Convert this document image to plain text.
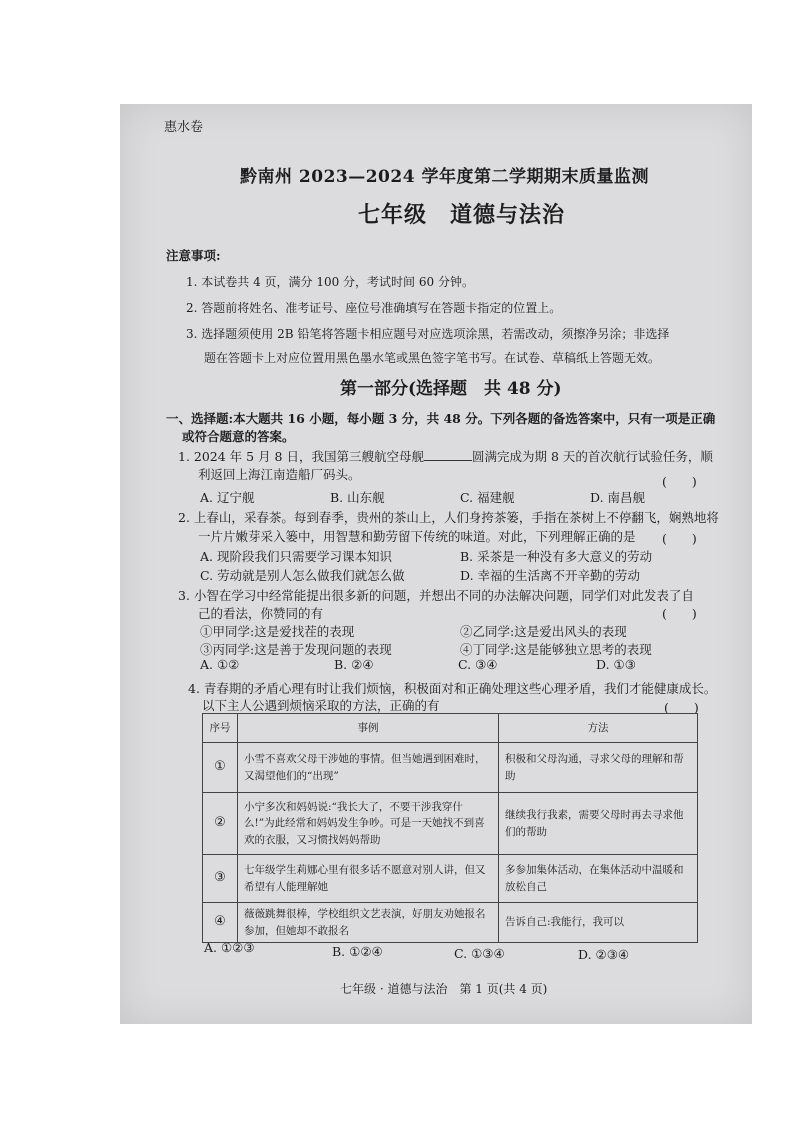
惠水卷
黔南州 2023—2024 学年度第二学期期末质量监测
七年级　道德与法治
注意事项:
1. 本试卷共 4 页，满分 100 分，考试时间 60 分钟。
2. 答题前将姓名、准考证号、座位号准确填写在答题卡指定的位置上。
3. 选择题须使用 2B 铅笔将答题卡相应题号对应选项涂黑，若需改动，须擦净另涂；非选择
题在答题卡上对应位置用黑色墨水笔或黑色签字笔书写。在试卷、草稿纸上答题无效。
第一部分(选择题　共 48 分)
一、选择题:本大题共 16 小题，每小题 3 分，共 48 分。下列各题的备选答案中，只有一项是正确
或符合题意的答案。
1. 2024 年 5 月 8 日，我国第三艘航空母舰	圆满完成为期 8 天的首次航行试验任务，顺
利返回上海江南造船厂码头。	(　　)
A. 辽宁舰	B. 山东舰	C. 福建舰	D. 南昌舰
2. 上春山，采春茶。每到春季，贵州的茶山上，人们身挎茶篓，手指在茶树上不停翻飞，娴熟地将
一片片嫩芽采入篓中，用智慧和勤劳留下传统的味道。对此，下列理解正确的是 (　　)
A. 现阶段我们只需要学习课本知识	B. 采茶是一种没有多大意义的劳动
C. 劳动就是别人怎么做我们就怎么做	D. 幸福的生活离不开辛勤的劳动
3. 小智在学习中经常能提出很多新的问题，并想出不同的办法解决问题，同学们对此发表了自
己的看法，你赞同的有	(　　)
①甲同学:这是爱找茬的表现	②乙同学:这是爱出风头的表现
③丙同学:这是善于发现问题的表现	④丁同学:这是能够独立思考的表现
A. ①②	B. ②④	C. ③④	D. ①③
4. 青春期的矛盾心理有时让我们烦恼，积极面对和正确处理这些心理矛盾，我们才能健康成长。
以下主人公遇到烦恼采取的方法，正确的有	(　　)
序号	事例	方法
①	小雪不喜欢父母干涉她的事情。但当她遇到困难时，又渴望他们的“出现”	积极和父母沟通，寻求父母的理解和帮助
②	小宁多次和妈妈说:“我长大了，不要干涉我穿什么!”为此经常和妈妈发生争吵。可是一天她找不到喜欢的衣服，又习惯找妈妈帮助	继续我行我素，需要父母时再去寻求他们的帮助
③	七年级学生莉娜心里有很多话不愿意对别人讲，但又希望有人能理解她	多参加集体活动，在集体活动中温暖和放松自己
④	薇薇跳舞很棒，学校组织文艺表演，好朋友劝她报名参加，但她却不敢报名	告诉自己:我能行，我可以
A. ①②③	B. ①②④	C. ①③④	D. ②③④
七年级 · 道德与法治　第 1 页(共 4 页)
